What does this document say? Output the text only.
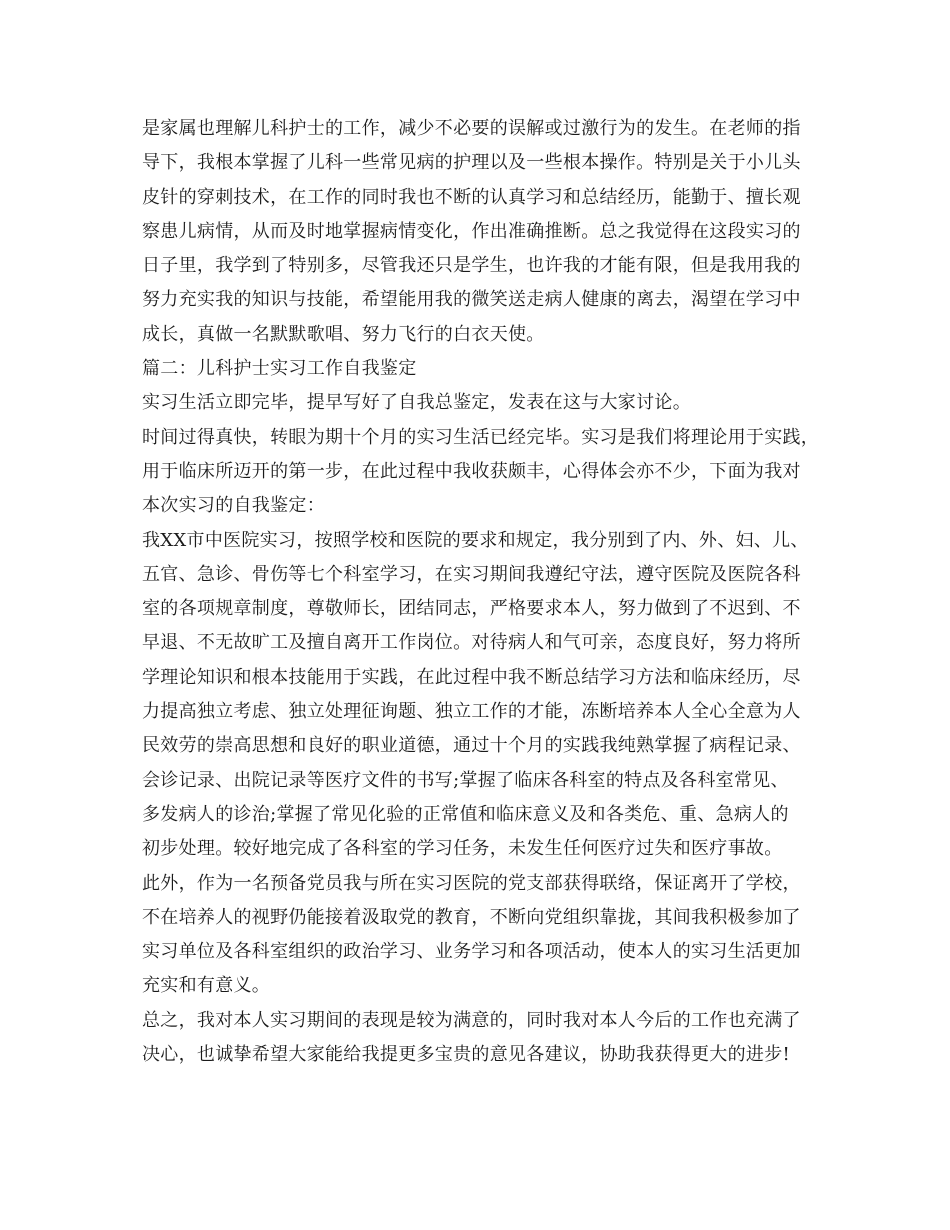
是家属也理解儿科护士的工作，减少不必要的误解或过激行为的发生。在老师的指
导下，我根本掌握了儿科一些常见病的护理以及一些根本操作。特别是关于小儿头
皮针的穿刺技术，在工作的同时我也不断的认真学习和总结经历，能勤于、擅长观
察患儿病情，从而及时地掌握病情变化，作出准确推断。总之我觉得在这段实习的
日子里，我学到了特别多，尽管我还只是学生，也许我的才能有限，但是我用我的
努力充实我的知识与技能，希望能用我的微笑送走病人健康的离去，渴望在学习中
成长，真做一名默默歌唱、努力飞行的白衣天使。
篇二：儿科护士实习工作自我鉴定
实习生活立即完毕，提早写好了自我总鉴定，发表在这与大家讨论。
时间过得真快，转眼为期十个月的实习生活已经完毕。实习是我们将理论用于实践，
用于临床所迈开的第一步，在此过程中我收获颇丰，心得体会亦不少，下面为我对
本次实习的自我鉴定：
我XX市中医院实习，按照学校和医院的要求和规定，我分别到了内、外、妇、儿、
五官、急诊、骨伤等七个科室学习，在实习期间我遵纪守法，遵守医院及医院各科
室的各项规章制度，尊敬师长，团结同志，严格要求本人，努力做到了不迟到、不
早退、不无故旷工及擅自离开工作岗位。对待病人和气可亲，态度良好，努力将所
学理论知识和根本技能用于实践，在此过程中我不断总结学习方法和临床经历，尽
力提高独立考虑、独立处理征询题、独立工作的才能，冻断培养本人全心全意为人
民效劳的崇高思想和良好的职业道德，通过十个月的实践我纯熟掌握了病程记录、
会诊记录、出院记录等医疗文件的书写;掌握了临床各科室的特点及各科室常见、
多发病人的诊治;掌握了常见化验的正常值和临床意义及和各类危、重、急病人的
初步处理。较好地完成了各科室的学习任务，未发生任何医疗过失和医疗事故。
此外，作为一名预备党员我与所在实习医院的党支部获得联络，保证离开了学校，
不在培养人的视野仍能接着汲取党的教育，不断向党组织靠拢，其间我积极参加了
实习单位及各科室组织的政治学习、业务学习和各项活动，使本人的实习生活更加
充实和有意义。
总之，我对本人实习期间的表现是较为满意的，同时我对本人今后的工作也充满了
决心，也诚挚希望大家能给我提更多宝贵的意见各建议，协助我获得更大的进步!
